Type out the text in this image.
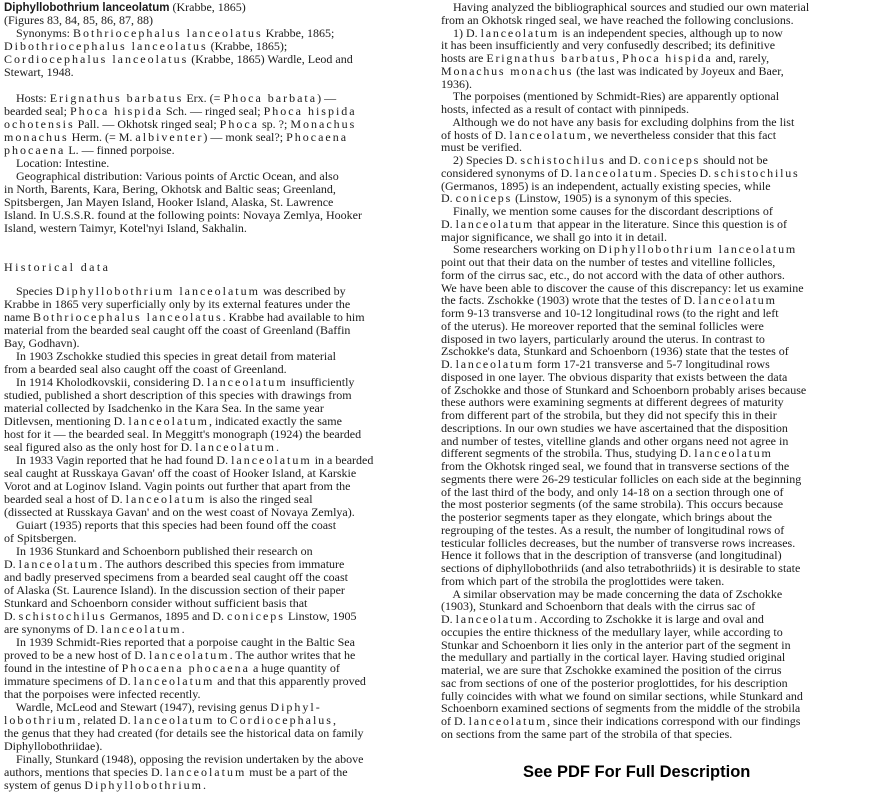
Diphyllobothrium lanceolatum (Krabbe, 1865)
(Figures 83, 84, 85, 86, 87, 88)
Synonyms: Bothriocephalus lanceolatus Krabbe, 1865;
Dibothriocephalus lanceolatus (Krabbe, 1865);
Cordiocephalus lanceolatus (Krabbe, 1865) Wardle, Leod and
Stewart, 1948.
Hosts: Erignathus barbatus Erx. (= Phoca barbata) —
bearded seal; Phoca hispida Sch. — ringed seal; Phoca hispida
ochotensis Pall. — Okhotsk ringed seal; Phoca sp. ?; Monachus
monachus Herm. (= M. albiventer) — monk seal?; Phocaena
phocaena L. — finned porpoise.
Location: Intestine.
Geographical distribution: Various points of Arctic Ocean, and also
in North, Barents, Kara, Bering, Okhotsk and Baltic seas; Greenland,
Spitsbergen, Jan Mayen Island, Hooker Island, Alaska, St. Lawrence
Island. In U.S.S.R. found at the following points: Novaya Zemlya, Hooker
Island, western Taimyr, Kotel'nyi Island, Sakhalin.
Historical data
Species Diphyllobothrium lanceolatum was described by
Krabbe in 1865 very superficially only by its external features under the
name Bothriocephalus lanceolatus. Krabbe had available to him
material from the bearded seal caught off the coast of Greenland (Baffin
Bay, Godhavn).
In 1903 Zschokke studied this species in great detail from material
from a bearded seal also caught off the coast of Greenland.
In 1914 Kholodkovskii, considering D. lanceolatum insufficiently
studied, published a short description of this species with drawings from
material collected by Isadchenko in the Kara Sea. In the same year
Ditlevsen, mentioning D. lanceolatum, indicated exactly the same
host for it — the bearded seal. In Meggitt's monograph (1924) the bearded
seal figured also as the only host for D. lanceolatum.
In 1933 Vagin reported that he had found D. lanceolatum in a bearded
seal caught at Russkaya Gavan' off the coast of Hooker Island, at Karskie
Vorot and at Loginov Island. Vagin points out further that apart from the
bearded seal a host of D. lanceolatum is also the ringed seal
(dissected at Russkaya Gavan' and on the west coast of Novaya Zemlya).
Guiart (1935) reports that this species had been found off the coast
of Spitsbergen.
In 1936 Stunkard and Schoenborn published their research on
D. lanceolatum. The authors described this species from immature
and badly preserved specimens from a bearded seal caught off the coast
of Alaska (St. Laurence Island). In the discussion section of their paper
Stunkard and Schoenborn consider without sufficient basis that
D. schistochilus Germanos, 1895 and D. coniceps Linstow, 1905
are synonyms of D. lanceolatum.
In 1939 Schmidt-Ries reported that a porpoise caught in the Baltic Sea
proved to be a new host of D. lanceolatum. The author writes that he
found in the intestine of Phocaena phocaena a huge quantity of
immature specimens of D. lanceolatum and that this apparently proved
that the porpoises were infected recently.
Wardle, McLeod and Stewart (1947), revising genus Diphyl-
lobothrium, related D. lanceolatum to Cordiocephalus,
the genus that they had created (for details see the historical data on family
Diphyllobothriidae).
Finally, Stunkard (1948), opposing the revision undertaken by the above
authors, mentions that species D. lanceolatum must be a part of the
system of genus Diphyllobothrium.
Having analyzed the bibliographical sources and studied our own material
from an Okhotsk ringed seal, we have reached the following conclusions.
1) D. lanceolatum is an independent species, although up to now
it has been insufficiently and very confusedly described; its definitive
hosts are Erignathus barbatus, Phoca hispida and, rarely,
Monachus monachus (the last was indicated by Joyeux and Baer,
1936).
The porpoises (mentioned by Schmidt-Ries) are apparently optional
hosts, infected as a result of contact with pinnipeds.
Although we do not have any basis for excluding dolphins from the list
of hosts of D. lanceolatum, we nevertheless consider that this fact
must be verified.
2) Species D. schistochilus and D. coniceps should not be
considered synonyms of D. lanceolatum. Species D. schistochilus
(Germanos, 1895) is an independent, actually existing species, while
D. coniceps (Linstow, 1905) is a synonym of this species.
Finally, we mention some causes for the discordant descriptions of
D. lanceolatum that appear in the literature. Since this question is of
major significance, we shall go into it in detail.
Some researchers working on Diphyllobothrium lanceolatum
point out that their data on the number of testes and vitelline follicles,
form of the cirrus sac, etc., do not accord with the data of other authors.
We have been able to discover the cause of this discrepancy: let us examine
the facts. Zschokke (1903) wrote that the testes of D. lanceolatum
form 9-13 transverse and 10-12 longitudinal rows (to the right and left
of the uterus). He moreover reported that the seminal follicles were
disposed in two layers, particularly around the uterus. In contrast to
Zschokke's data, Stunkard and Schoenborn (1936) state that the testes of
D. lanceolatum form 17-21 transverse and 5-7 longitudinal rows
disposed in one layer. The obvious disparity that exists between the data
of Zschokke and those of Stunkard and Schoenborn probably arises because
these authors were examining segments at different degrees of maturity
from different part of the strobila, but they did not specify this in their
descriptions. In our own studies we have ascertained that the disposition
and number of testes, vitelline glands and other organs need not agree in
different segments of the strobila. Thus, studying D. lanceolatum
from the Okhotsk ringed seal, we found that in transverse sections of the
segments there were 26-29 testicular follicles on each side at the beginning
of the last third of the body, and only 14-18 on a section through one of
the most posterior segments (of the same strobila). This occurs because
the posterior segments taper as they elongate, which brings about the
regrouping of the testes. As a result, the number of longitudinal rows of
testicular follicles decreases, but the number of transverse rows increases.
Hence it follows that in the description of transverse (and longitudinal)
sections of diphyllobothriids (and also tetrabothriids) it is desirable to state
from which part of the strobila the proglottides were taken.
A similar observation may be made concerning the data of Zschokke
(1903), Stunkard and Schoenborn that deals with the cirrus sac of
D. lanceolatum. According to Zschokke it is large and oval and
occupies the entire thickness of the medullary layer, while according to
Stunkar and Schoenborn it lies only in the anterior part of the segment in
the medullary and partially in the cortical layer. Having studied original
material, we are sure that Zschokke examined the position of the cirrus
sac from sections of one of the posterior proglottides, for his description
fully coincides with what we found on similar sections, while Stunkard and
Schoenborn examined sections of segments from the middle of the strobila
of D. lanceolatum, since their indications correspond with our findings
on sections from the same part of the strobila of that species.
See PDF For Full Description
